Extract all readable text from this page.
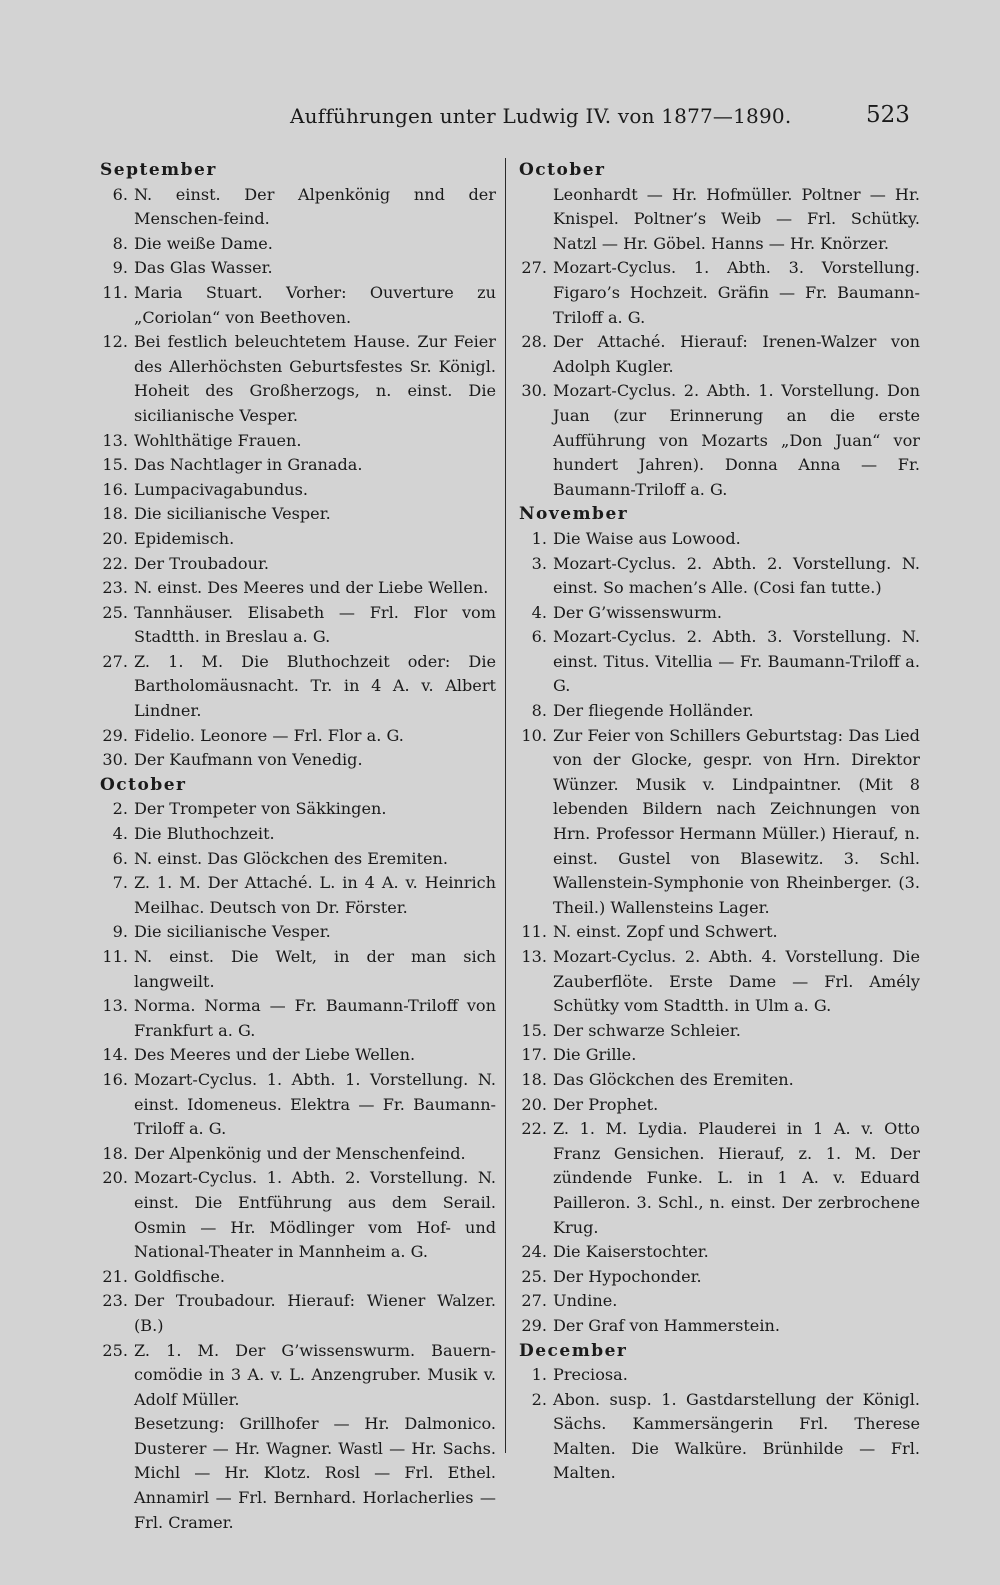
Aufführungen unter Ludwig IV. von 1877—1890.	523
September
6. N. einst. Der Alpenkönig nnd der Menschen-feind.
8. Die weiße Dame.
9. Das Glas Wasser.
11. Maria Stuart. Vorher: Ouverture zu „Coriolan“ von Beethoven.
12. Bei festlich beleuchtetem Hause. Zur Feier des Allerhöchsten Geburtsfestes Sr. Königl. Hoheit des Großherzogs, n. einst. Die sicilianische Vesper.
13. Wohlthätige Frauen.
15. Das Nachtlager in Granada.
16. Lumpacivagabundus.
18. Die sicilianische Vesper.
20. Epidemisch.
22. Der Troubadour.
23. N. einst. Des Meeres und der Liebe Wellen.
25. Tannhäuser. Elisabeth — Frl. Flor vom Stadtth. in Breslau a. G.
27. Z. 1. M. Die Bluthochzeit oder: Die Bartholomäusnacht. Tr. in 4 A. v. Albert Lindner.
29. Fidelio. Leonore — Frl. Flor a. G.
30. Der Kaufmann von Venedig.
October
2. Der Trompeter von Säkkingen.
4. Die Bluthochzeit.
6. N. einst. Das Glöckchen des Eremiten.
7. Z. 1. M. Der Attaché. L. in 4 A. v. Heinrich Meilhac. Deutsch von Dr. Förster.
9. Die sicilianische Vesper.
11. N. einst. Die Welt, in der man sich langweilt.
13. Norma. Norma — Fr. Baumann-Triloff von Frankfurt a. G.
14. Des Meeres und der Liebe Wellen.
16. Mozart-Cyclus. 1. Abth. 1. Vorstellung. N. einst. Idomeneus. Elektra — Fr. Baumann-Triloff a. G.
18. Der Alpenkönig und der Menschenfeind.
20. Mozart-Cyclus. 1. Abth. 2. Vorstellung. N. einst. Die Entführung aus dem Serail. Osmin — Hr. Mödlinger vom Hof- und National-Theater in Mannheim a. G.
21. Goldfische.
23. Der Troubadour. Hierauf: Wiener Walzer. (B.)
25. Z. 1. M. Der G’wissenswurm. Bauern-comödie in 3 A. v. L. Anzengruber. Musik v. Adolf Müller.
Besetzung: Grillhofer — Hr. Dalmonico. Dusterer — Hr. Wagner. Wastl — Hr. Sachs. Michl — Hr. Klotz. Rosl — Frl. Ethel. Annamirl — Frl. Bernhard. Horlacherlies — Frl. Cramer.
October
Leonhardt — Hr. Hofmüller. Poltner — Hr. Knispel. Poltner’s Weib — Frl. Schütky. Natzl — Hr. Göbel. Hanns — Hr. Knörzer.
27. Mozart-Cyclus. 1. Abth. 3. Vorstellung. Figaro’s Hochzeit. Gräfin — Fr. Baumann-Triloff a. G.
28. Der Attaché. Hierauf: Irenen-Walzer von Adolph Kugler.
30. Mozart-Cyclus. 2. Abth. 1. Vorstellung. Don Juan (zur Erinnerung an die erste Aufführung von Mozarts „Don Juan“ vor hundert Jahren). Donna Anna — Fr. Baumann-Triloff a. G.
November
1. Die Waise aus Lowood.
3. Mozart-Cyclus. 2. Abth. 2. Vorstellung. N. einst. So machen’s Alle. (Cosi fan tutte.)
4. Der G’wissenswurm.
6. Mozart-Cyclus. 2. Abth. 3. Vorstellung. N. einst. Titus. Vitellia — Fr. Baumann-Triloff a. G.
8. Der fliegende Holländer.
10. Zur Feier von Schillers Geburtstag: Das Lied von der Glocke, gespr. von Hrn. Direktor Wünzer. Musik v. Lindpaintner. (Mit 8 lebenden Bildern nach Zeichnungen von Hrn. Professor Hermann Müller.) Hierauf, n. einst. Gustel von Blasewitz. 3. Schl. Wallenstein-Symphonie von Rheinberger. (3. Theil.) Wallensteins Lager.
11. N. einst. Zopf und Schwert.
13. Mozart-Cyclus. 2. Abth. 4. Vorstellung. Die Zauberflöte. Erste Dame — Frl. Amély Schütky vom Stadtth. in Ulm a. G.
15. Der schwarze Schleier.
17. Die Grille.
18. Das Glöckchen des Eremiten.
20. Der Prophet.
22. Z. 1. M. Lydia. Plauderei in 1 A. v. Otto Franz Gensichen. Hierauf, z. 1. M. Der zündende Funke. L. in 1 A. v. Eduard Pailleron. 3. Schl., n. einst. Der zerbrochene Krug.
24. Die Kaiserstochter.
25. Der Hypochonder.
27. Undine.
29. Der Graf von Hammerstein.
December
1. Preciosa.
2. Abon. susp. 1. Gastdarstellung der Königl. Sächs. Kammersängerin Frl. Therese Malten. Die Walküre. Brünhilde — Frl. Malten.
